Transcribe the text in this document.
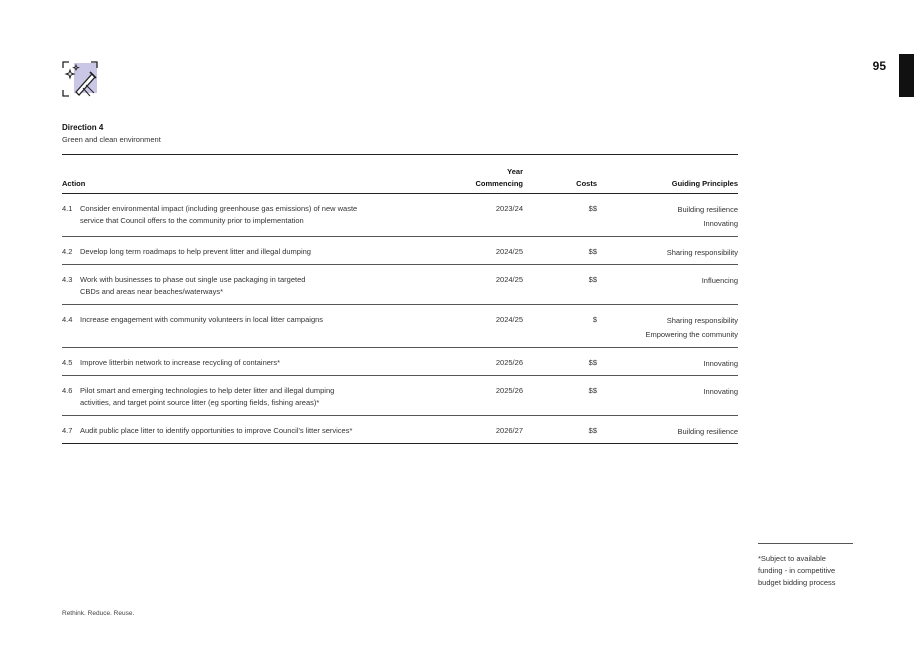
95
Direction 4
Green and clean environment
Action
Year
Commencing	Costs	Guiding Principles
4.1 Consider environmental impact (including greenhouse gas emissions) of new waste
service that Council offers to the community prior to implementation
2023/24	$$	Building resilience
Innovating
4.2 Develop long term roadmaps to help prevent litter and illegal dumping	2024/25	$$	Sharing responsibility
4.3 Work with businesses to phase out single use packaging in targeted
CBDs and areas near beaches/waterways*
2024/25	$$	Influencing
4.4 Increase engagement with community volunteers in local litter campaigns	2024/25	$	Sharing responsibility
Empowering the community
4.5 Improve litterbin network to increase recycling of containers*	2025/26	$$	Innovating
4.6 Pilot smart and emerging technologies to help deter litter and illegal dumping
activities, and target point source litter (eg sporting fields, fishing areas)*
2025/26	$$	Innovating
4.7 Audit public place litter to identify opportunities to improve Council's litter services*	2026/27	$$	Building resilience
*Subject to available
funding - in competitive
budget bidding process
Rethink. Reduce. Reuse.
